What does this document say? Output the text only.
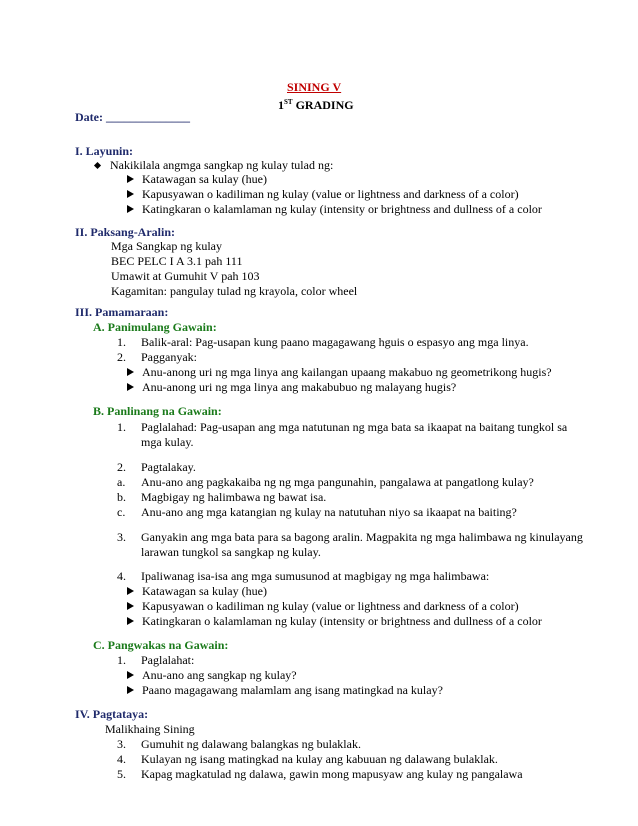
SINING V
1ST GRADING
Date: ______________
I. Layunin:
Nakikilala angmga sangkap ng kulay tulad ng:
Katawagan sa kulay (hue)
Kapusyawan o kadiliman ng kulay (value or lightness and darkness of a color)
Katingkaran o kalamlaman ng kulay (intensity or brightness and dullness of a color
II. Paksang-Aralin:
Mga Sangkap ng kulay
BEC PELC I A 3.1 pah 111
Umawit at Gumuhit V pah 103
Kagamitan: pangulay tulad ng krayola, color wheel
III. Pamamaraan:
A. Panimulang Gawain:
1. Balik-aral: Pag-usapan kung paano magagawang hguis o espasyo ang mga linya.
2. Pagganyak:
Anu-anong uri ng mga linya ang kailangan upaang makabuo ng geometrikong hugis?
Anu-anong uri ng mga linya ang makabubuo ng malayang hugis?
B. Panlinang na Gawain:
1. Paglalahad: Pag-usapan ang mga natutunan ng mga bata sa ikaapat na baitang tungkol sa
mga kulay.
2. Pagtalakay.
a. Anu-ano ang pagkakaiba ng ng mga pangunahin, pangalawa at pangatlong kulay?
b. Magbigay ng halimbawa ng bawat isa.
c. Anu-ano ang mga katangian ng kulay na natutuhan niyo sa ikaapat na baiting?
3. Ganyakin ang mga bata para sa bagong aralin. Magpakita ng mga halimbawa ng kinulayang
larawan tungkol sa sangkap ng kulay.
4. Ipaliwanag isa-isa ang mga sumusunod at magbigay ng mga halimbawa:
Katawagan sa kulay (hue)
Kapusyawan o kadiliman ng kulay (value or lightness and darkness of a color)
Katingkaran o kalamlaman ng kulay (intensity or brightness and dullness of a color
C. Pangwakas na Gawain:
1. Paglalahat:
Anu-ano ang sangkap ng kulay?
Paano magagawang malamlam ang isang matingkad na kulay?
IV. Pagtataya:
Malikhaing Sining
3. Gumuhit ng dalawang balangkas ng bulaklak.
4. Kulayan ng isang matingkad na kulay ang kabuuan ng dalawang bulaklak.
5. Kapag magkatulad ng dalawa, gawin mong mapusyaw ang kulay ng pangalawa
